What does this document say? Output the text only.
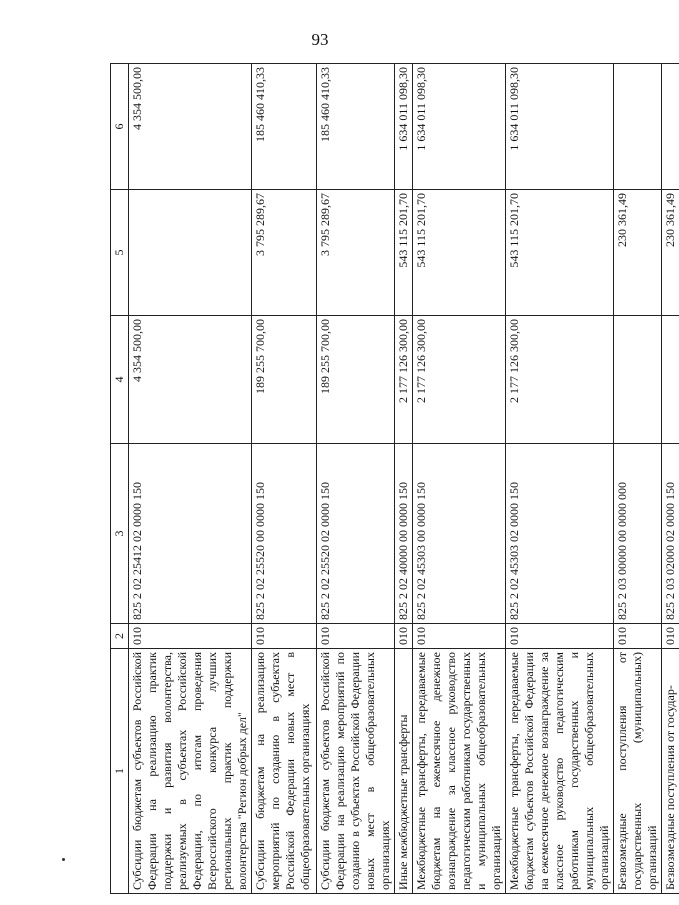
93
1	2	3	4	5	6
Субсидии бюджетам субъектов Российской Федерации на реализацию практик поддержки и развития волонтерства, реализуемых в субъектах Российской Федерации, по итогам проведения Всероссийского конкурса лучших региональных практик поддержки волонтерства "Регион добрых дел"	010	825 2 02 25412 02 0000 150	4 354 500,00		4 354 500,00
Субсидии бюджетам на реализацию мероприятий по созданию в субъектах Российской Федерации новых мест в общеобразовательных организациях	010	825 2 02 25520 00 0000 150	189 255 700,00	3 795 289,67	185 460 410,33
Субсидии бюджетам субъектов Российской Федерации на реализацию мероприятий по созданию в субъектах Российской Федерации новых мест в общеобразовательных организациях	010	825 2 02 25520 02 0000 150	189 255 700,00	3 795 289,67	185 460 410,33
Иные межбюджетные трансферты	010	825 2 02 40000 00 0000 150	2 177 126 300,00	543 115 201,70	1 634 011 098,30
Межбюджетные трансферты, передаваемые бюджетам на ежемесячное денежное вознаграждение за классное руководство педагогическим работникам государственных и муниципальных общеобразовательных организаций	010	825 2 02 45303 00 0000 150	2 177 126 300,00	543 115 201,70	1 634 011 098,30
Межбюджетные трансферты, передаваемые бюджетам субъектов Российской Федерации на ежемесячное денежное вознаграждение за классное руководство педагогическим работникам государственных и муниципальных общеобразовательных организаций	010	825 2 02 45303 02 0000 150	2 177 126 300,00	543 115 201,70	1 634 011 098,30
Безвозмездные поступления от государственных (муниципальных) организаций	010	825 2 03 00000 00 0000 000		230 361,49	
Безвозмездные поступления от государ-	010	825 2 03 02000 02 0000 150		230 361,49	
